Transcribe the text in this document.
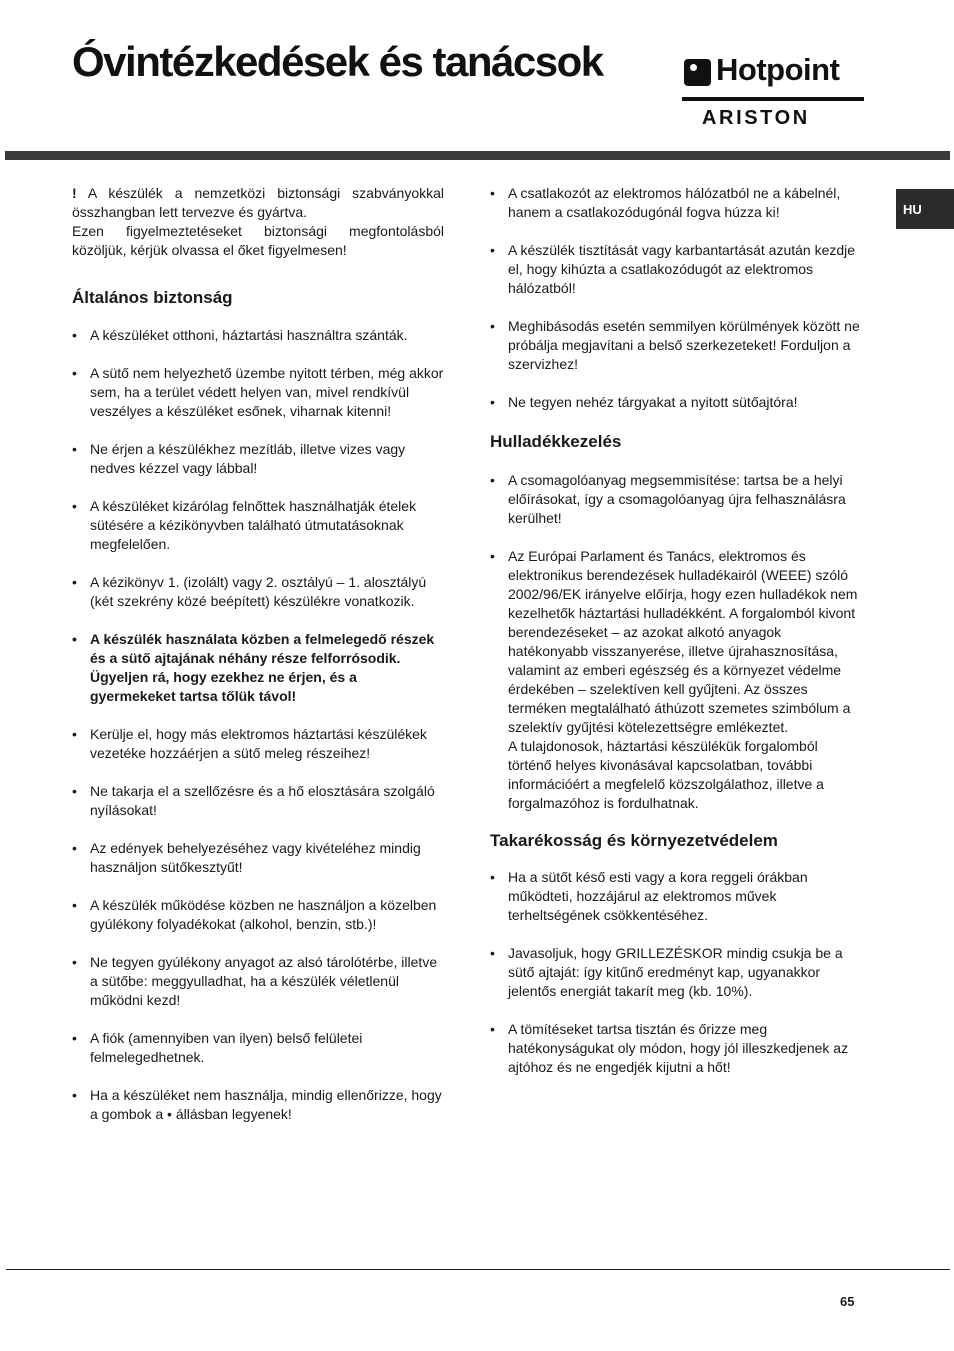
Óvintézkedések és tanácsok	Hotpoint
ARISTON
HU

! A készülék a nemzetközi biztonsági szabványokkal összhangban lett tervezve és gyártva.
Ezen figyelmeztetéseket biztonsági megfontolásból közöljük, kérjük olvassa el őket figyelmesen!

Általános biztonság
• A készüléket otthoni, háztartási használtra szánták.
• A sütő nem helyezhető üzembe nyitott térben, még akkor sem, ha a terület védett helyen van, mivel rendkívül veszélyes a készüléket esőnek, viharnak kitenni!
• Ne érjen a készülékhez mezítláb, illetve vizes vagy nedves kézzel vagy lábbal!
• A készüléket kizárólag felnőttek használhatják ételek sütésére a kézikönyvben található útmutatásoknak megfelelően.
• A kézikönyv 1. (izolált) vagy 2. osztályú – 1. alosztályú (két szekrény közé beépített) készülékre vonatkozik.
• A készülék használata közben a felmelegedő részek és a sütő ajtajának néhány része felforrósodik. Ügyeljen rá, hogy ezekhez ne érjen, és a gyermekeket tartsa tőlük távol!
• Kerülje el, hogy más elektromos háztartási készülékek vezetéke hozzáérjen a sütő meleg részeihez!
• Ne takarja el a szellőzésre és a hő elosztására szolgáló nyílásokat!
• Az edények behelyezéséhez vagy kivételéhez mindig használjon sütőkesztyűt!
• A készülék működése közben ne használjon a közelben gyúlékony folyadékokat (alkohol, benzin, stb.)!
• Ne tegyen gyúlékony anyagot az alsó tárolótérbe, illetve a sütőbe: meggyulladhat, ha a készülék véletlenül működni kezd!
• A fiók (amennyiben van ilyen) belső felületei felmelegedhetnek.
• Ha a készüléket nem használja, mindig ellenőrizze, hogy a gombok a • állásban legyenek!
• A csatlakozót az elektromos hálózatból ne a kábelnél, hanem a csatlakozódugónál fogva húzza ki!
• A készülék tisztítását vagy karbantartását azután kezdje el, hogy kihúzta a csatlakozódugót az elektromos hálózatból!
• Meghibásodás esetén semmilyen körülmények között ne próbálja megjavítani a belső szerkezeteket! Forduljon a szervizhez!
• Ne tegyen nehéz tárgyakat a nyitott sütőajtóra!
Hulladékkezelés
• A csomagolóanyag megsemmisítése: tartsa be a helyi előírásokat, így a csomagolóanyag újra felhasználásra kerülhet!
• Az Európai Parlament és Tanács, elektromos és elektronikus berendezések hulladékairól (WEEE) szóló 2002/96/EK irányelve előírja, hogy ezen hulladékok nem kezelhetők háztartási hulladékként. A forgalomból kivont berendezéseket – az azokat alkotó anyagok hatékonyabb visszanyerése, illetve újrahasznosítása, valamint az emberi egészség és a környezet védelme érdekében – szelektíven kell gyűjteni. Az összes terméken megtalálható áthúzott szemetes szimbólum a szelektív gyűjtési kötelezettségre emlékeztet.
A tulajdonosok, háztartási készülékük forgalomból történő helyes kivonásával kapcsolatban, további információért a megfelelő közszolgálathoz, illetve a forgalmazóhoz is fordulhatnak.
Takarékosság és környezetvédelem
• Ha a sütőt késő esti vagy a kora reggeli órákban működteti, hozzájárul az elektromos művek terheltségének csökkentéséhez.
• Javasoljuk, hogy GRILLEZÉSKOR mindig csukja be a sütő ajtaját: így kitűnő eredményt kap, ugyanakkor jelentős energiát takarít meg (kb. 10%).
• A tömítéseket tartsa tisztán és őrizze meg hatékonyságukat oly módon, hogy jól illeszkedjenek az ajtóhoz és ne engedjék kijutni a hőt!
65
